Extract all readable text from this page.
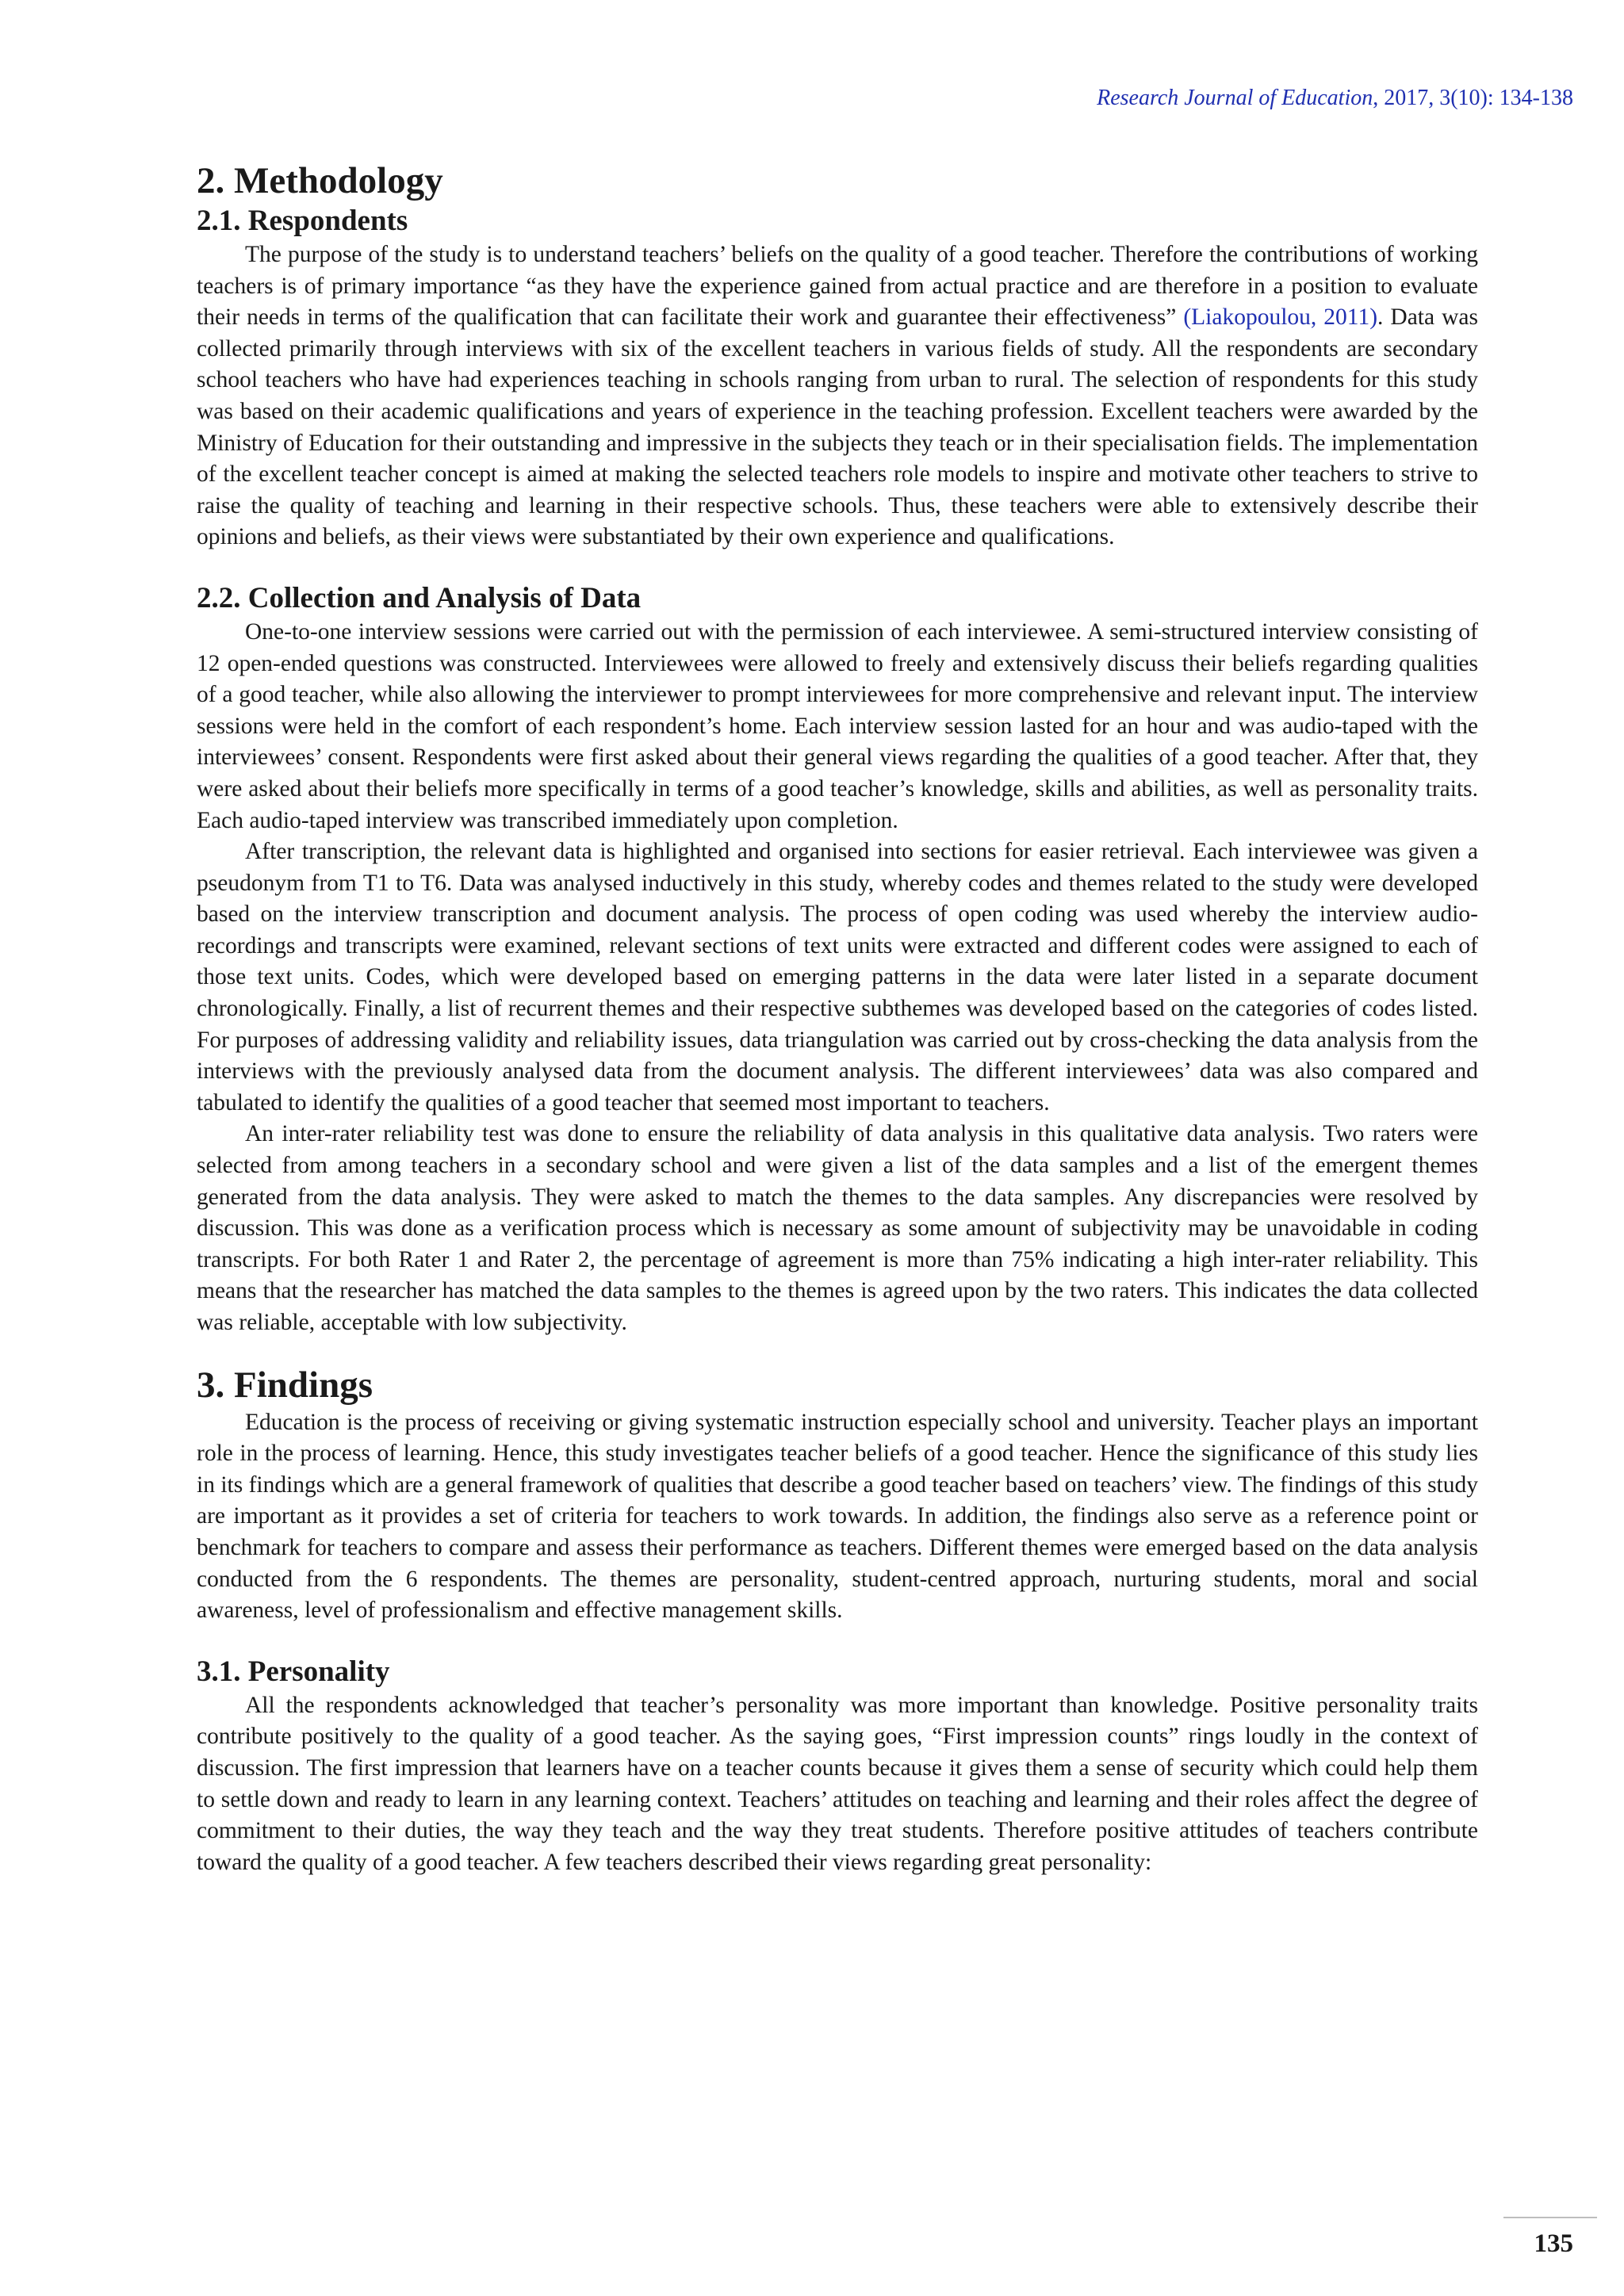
Research Journal of Education, 2017, 3(10): 134-138
2. Methodology
2.1. Respondents

The purpose of the study is to understand teachers’ beliefs on the quality of a good teacher. Therefore the contributions of working teachers is of primary importance “as they have the experience gained from actual practice and are therefore in a position to evaluate their needs in terms of the qualification that can facilitate their work and guarantee their effectiveness” (Liakopoulou, 2011). Data was collected primarily through interviews with six of the excellent teachers in various fields of study. All the respondents are secondary school teachers who have had experiences teaching in schools ranging from urban to rural. The selection of respondents for this study was based on their academic qualifications and years of experience in the teaching profession. Excellent teachers were awarded by the Ministry of Education for their outstanding and impressive in the subjects they teach or in their specialisation fields. The implementation of the excellent teacher concept is aimed at making the selected teachers role models to inspire and motivate other teachers to strive to raise the quality of teaching and learning in their respective schools. Thus, these teachers were able to extensively describe their opinions and beliefs, as their views were substantiated by their own experience and qualifications.

2.2. Collection and Analysis of Data

One-to-one interview sessions were carried out with the permission of each interviewee. A semi-structured interview consisting of 12 open-ended questions was constructed. Interviewees were allowed to freely and extensively discuss their beliefs regarding qualities of a good teacher, while also allowing the interviewer to prompt interviewees for more comprehensive and relevant input. The interview sessions were held in the comfort of each respondent’s home. Each interview session lasted for an hour and was audio-taped with the interviewees’ consent. Respondents were first asked about their general views regarding the qualities of a good teacher. After that, they were asked about their beliefs more specifically in terms of a good teacher’s knowledge, skills and abilities, as well as personality traits. Each audio-taped interview was transcribed immediately upon completion.

After transcription, the relevant data is highlighted and organised into sections for easier retrieval. Each interviewee was given a pseudonym from T1 to T6. Data was analysed inductively in this study, whereby codes and themes related to the study were developed based on the interview transcription and document analysis. The process of open coding was used whereby the interview audio-recordings and transcripts were examined, relevant sections of text units were extracted and different codes were assigned to each of those text units. Codes, which were developed based on emerging patterns in the data were later listed in a separate document chronologically. Finally, a list of recurrent themes and their respective subthemes was developed based on the categories of codes listed. For purposes of addressing validity and reliability issues, data triangulation was carried out by cross-checking the data analysis from the interviews with the previously analysed data from the document analysis. The different interviewees’ data was also compared and tabulated to identify the qualities of a good teacher that seemed most important to teachers.

An inter-rater reliability test was done to ensure the reliability of data analysis in this qualitative data analysis. Two raters were selected from among teachers in a secondary school and were given a list of the data samples and a list of the emergent themes generated from the data analysis. They were asked to match the themes to the data samples. Any discrepancies were resolved by discussion. This was done as a verification process which is necessary as some amount of subjectivity may be unavoidable in coding transcripts. For both Rater 1 and Rater 2, the percentage of agreement is more than 75% indicating a high inter-rater reliability. This means that the researcher has matched the data samples to the themes is agreed upon by the two raters. This indicates the data collected was reliable, acceptable with low subjectivity.

3. Findings

Education is the process of receiving or giving systematic instruction especially school and university. Teacher plays an important role in the process of learning. Hence, this study investigates teacher beliefs of a good teacher. Hence the significance of this study lies in its findings which are a general framework of qualities that describe a good teacher based on teachers’ view. The findings of this study are important as it provides a set of criteria for teachers to work towards. In addition, the findings also serve as a reference point or benchmark for teachers to compare and assess their performance as teachers. Different themes were emerged based on the data analysis conducted from the 6 respondents. The themes are personality, student-centred approach, nurturing students, moral and social awareness, level of professionalism and effective management skills.

3.1. Personality

All the respondents acknowledged that teacher’s personality was more important than knowledge. Positive personality traits contribute positively to the quality of a good teacher. As the saying goes, “First impression counts” rings loudly in the context of discussion. The first impression that learners have on a teacher counts because it gives them a sense of security which could help them to settle down and ready to learn in any learning context. Teachers’ attitudes on teaching and learning and their roles affect the degree of commitment to their duties, the way they teach and the way they treat students. Therefore positive attitudes of teachers contribute toward the quality of a good teacher. A few teachers described their views regarding great personality:

135
